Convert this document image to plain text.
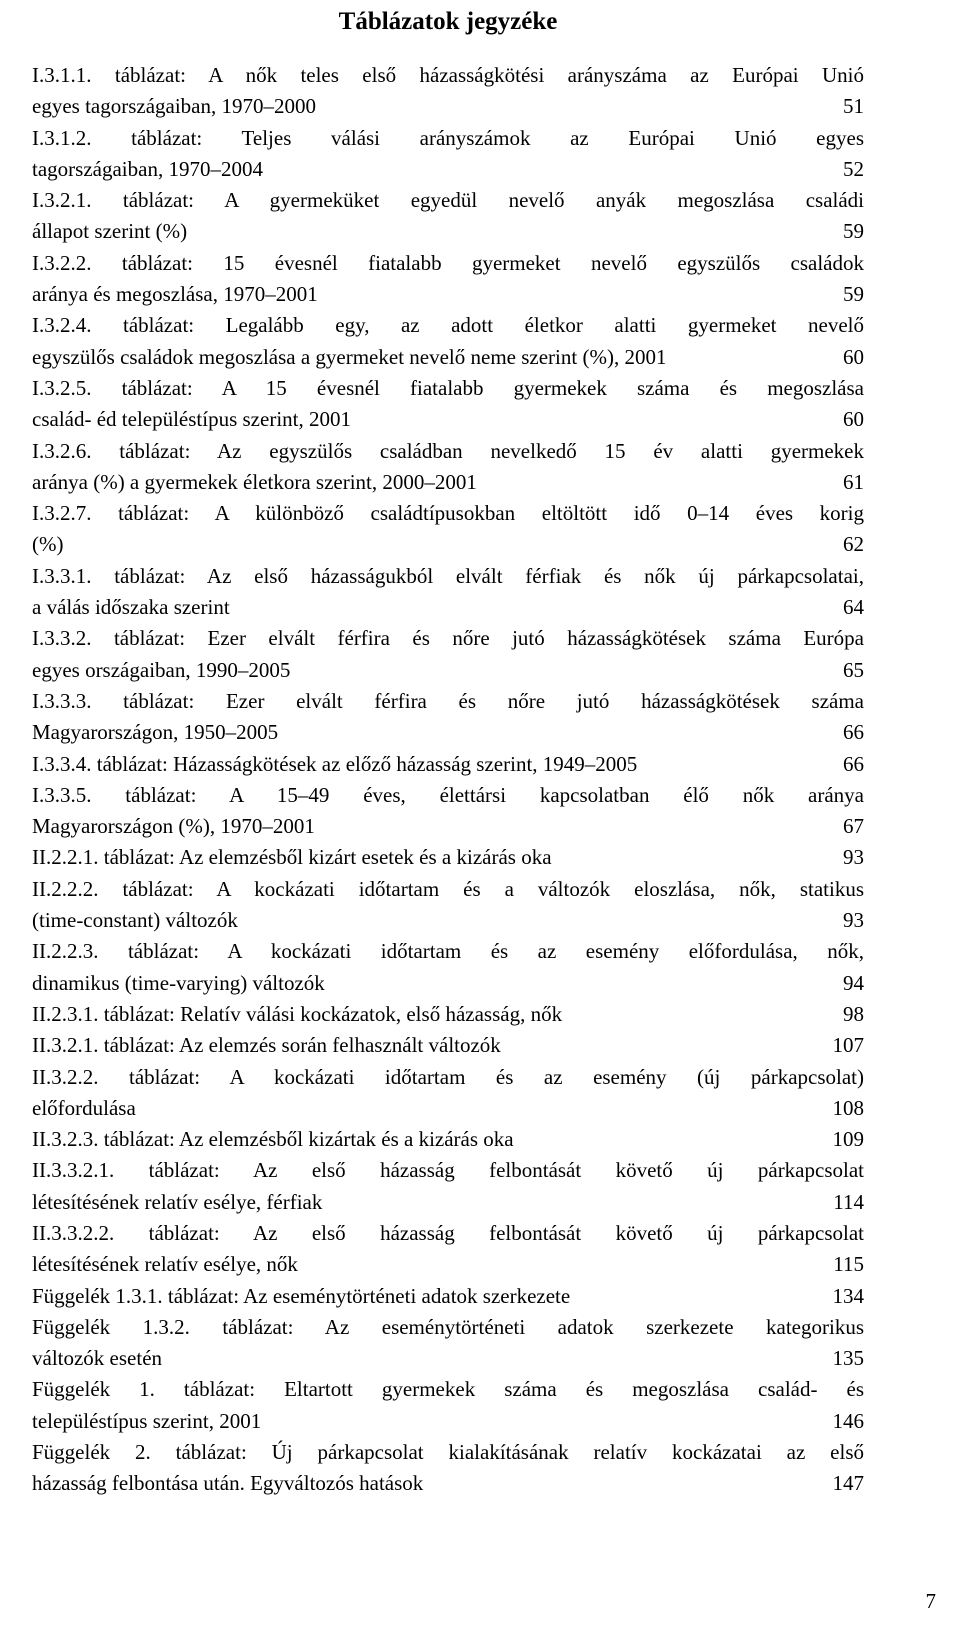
Táblázatok jegyzéke
I.3.1.1. táblázat: A nők teles első házasságkötési arányszáma az Európai Unió
egyes tagországaiban, 1970–2000	51
I.3.1.2. táblázat: Teljes válási arányszámok az Európai Unió egyes
tagországaiban, 1970–2004	52
I.3.2.1. táblázat: A gyermeküket egyedül nevelő anyák megoszlása családi
állapot szerint (%)	59
I.3.2.2. táblázat: 15 évesnél fiatalabb gyermeket nevelő egyszülős családok
aránya és megoszlása, 1970–2001	59
I.3.2.4. táblázat: Legalább egy, az adott életkor alatti gyermeket nevelő
egyszülős családok megoszlása a gyermeket nevelő neme szerint (%), 2001	60
I.3.2.5. táblázat: A 15 évesnél fiatalabb gyermekek száma és megoszlása
család- éd településtípus szerint, 2001	60
I.3.2.6. táblázat: Az egyszülős családban nevelkedő 15 év alatti gyermekek
aránya (%) a gyermekek életkora szerint, 2000–2001	61
I.3.2.7. táblázat: A különböző családtípusokban eltöltött idő 0–14 éves korig
(%)	62
I.3.3.1. táblázat: Az első házasságukból elvált férfiak és nők új párkapcsolatai,
a válás időszaka szerint	64
I.3.3.2. táblázat: Ezer elvált férfira és nőre jutó házasságkötések száma Európa
egyes országaiban, 1990–2005	65
I.3.3.3. táblázat: Ezer elvált férfira és nőre jutó házasságkötések száma
Magyarországon, 1950–2005	66
I.3.3.4. táblázat: Házasságkötések az előző házasság szerint, 1949–2005	66
I.3.3.5. táblázat: A 15–49 éves, élettársi kapcsolatban élő nők aránya
Magyarországon (%), 1970–2001	67
II.2.2.1. táblázat: Az elemzésből kizárt esetek és a kizárás oka	93
II.2.2.2. táblázat: A kockázati időtartam és a változók eloszlása, nők, statikus
(time-constant) változók	93
II.2.2.3. táblázat: A kockázati időtartam és az esemény előfordulása, nők,
dinamikus (time-varying) változók	94
II.2.3.1. táblázat: Relatív válási kockázatok, első házasság, nők	98
II.3.2.1. táblázat: Az elemzés során felhasznált változók	107
II.3.2.2. táblázat: A kockázati időtartam és az esemény (új párkapcsolat)
előfordulása	108
II.3.2.3. táblázat: Az elemzésből kizártak és a kizárás oka	109
II.3.3.2.1. táblázat: Az első házasság felbontását követő új párkapcsolat
létesítésének relatív esélye, férfiak	114
II.3.3.2.2. táblázat: Az első házasság felbontását követő új párkapcsolat
létesítésének relatív esélye, nők	115
Függelék 1.3.1. táblázat: Az eseménytörténeti adatok szerkezete	134
Függelék 1.3.2. táblázat: Az eseménytörténeti adatok szerkezete kategorikus
változók esetén	135
Függelék 1. táblázat: Eltartott gyermekek száma és megoszlása család- és
településtípus szerint, 2001	146
Függelék 2. táblázat: Új párkapcsolat kialakításának relatív kockázatai az első
házasság felbontása után. Egyváltozós hatások	147
7
